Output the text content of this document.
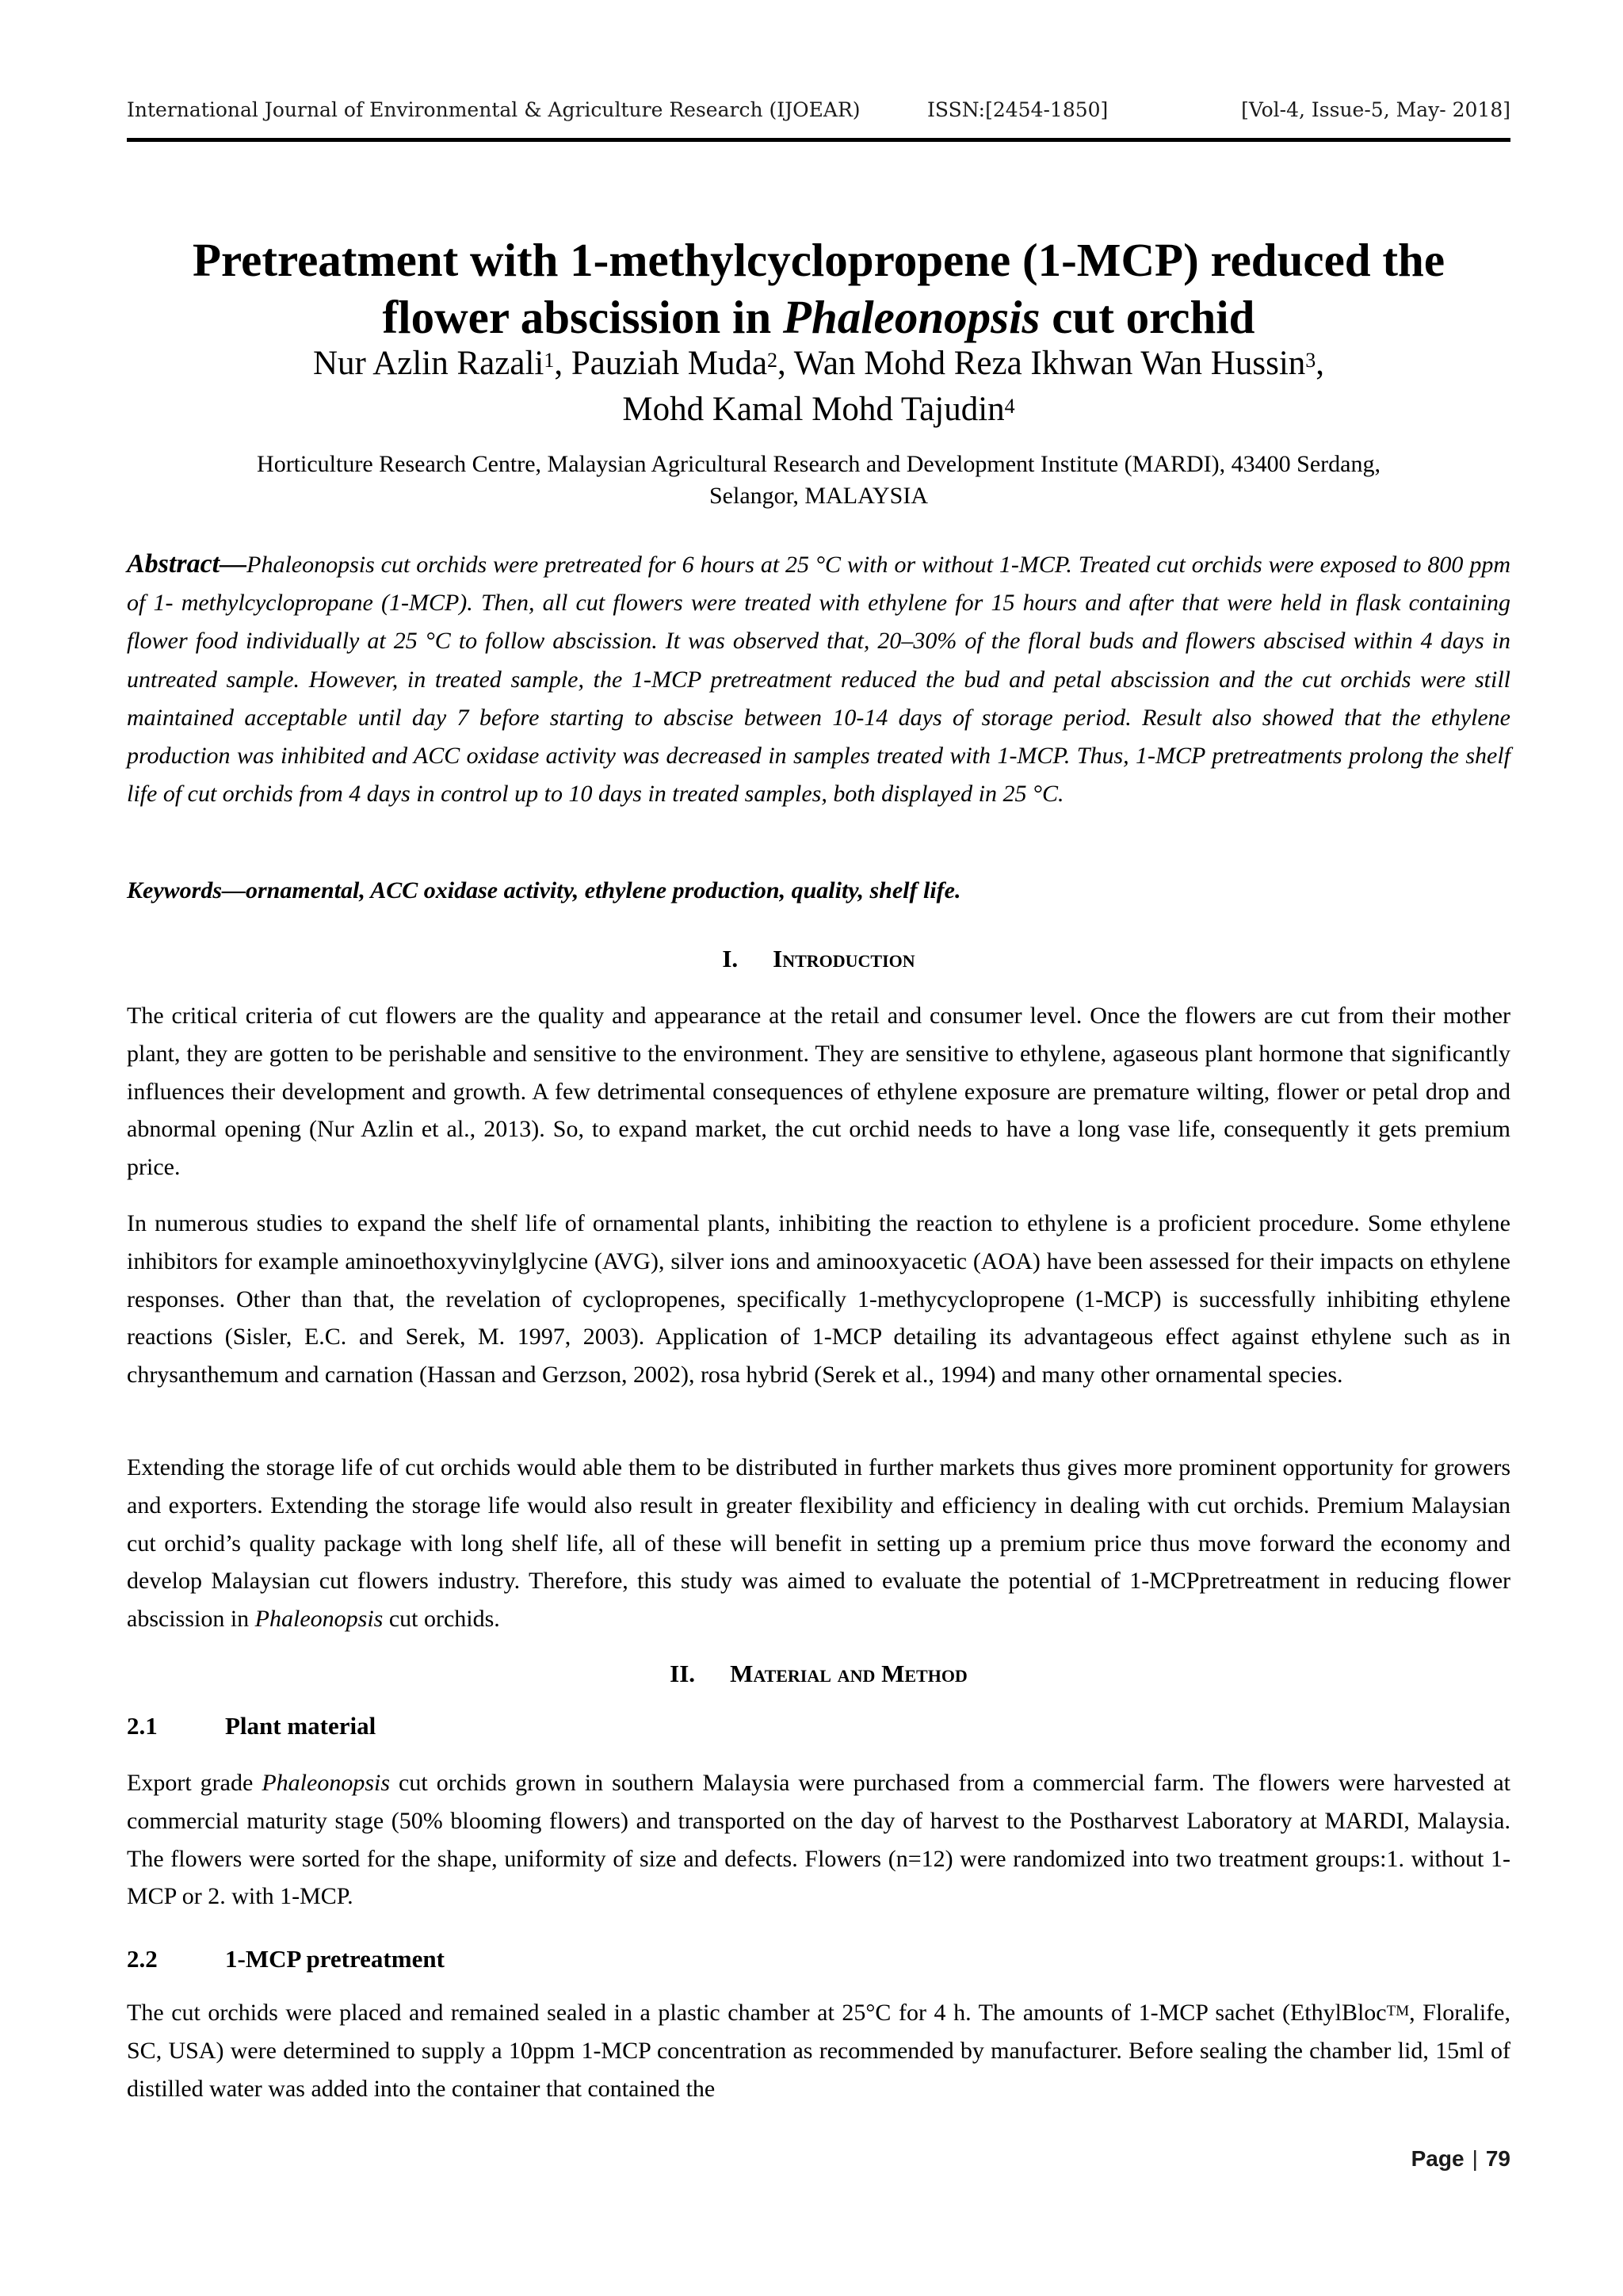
International Journal of Environmental & Agriculture Research (IJOEAR)	ISSN:[2454-1850]	[Vol-4, Issue-5, May- 2018]
Pretreatment with 1-methylcyclopropene (1-MCP) reduced the
flower abscission in Phaleonopsis cut orchid
Nur Azlin Razali$^1$, Pauziah Muda$^2$, Wan Mohd Reza Ikhwan Wan Hussin$^3$,
Mohd Kamal Mohd Tajudin$^4$
Horticulture Research Centre, Malaysian Agricultural Research and Development Institute (MARDI), 43400 Serdang,
Selangor, MALAYSIA
Abstract—Phaleonopsis cut orchids were pretreated for 6 hours at 25 °C with or without 1-MCP. Treated cut orchids were exposed to 800 ppm of 1- methylcyclopropane (1-MCP). Then, all cut flowers were treated with ethylene for 15 hours and after that were held in flask containing flower food individually at 25 °C to follow abscission. It was observed that, 20–30% of the floral buds and flowers abscised within 4 days in untreated sample. However, in treated sample, the 1-MCP pretreatment reduced the bud and petal abscission and the cut orchids were still maintained acceptable until day 7 before starting to abscise between 10-14 days of storage period. Result also showed that the ethylene production was inhibited and ACC oxidase activity was decreased in samples treated with 1-MCP. Thus, 1-MCP pretreatments prolong the shelf life of cut orchids from 4 days in control up to 10 days in treated samples, both displayed in 25 °C.
Keywords—ornamental, ACC oxidase activity, ethylene production, quality, shelf life.
I. Introduction
The critical criteria of cut flowers are the quality and appearance at the retail and consumer level. Once the flowers are cut from their mother plant, they are gotten to be perishable and sensitive to the environment. They are sensitive to ethylene, agaseous plant hormone that significantly influences their development and growth. A few detrimental consequences of ethylene exposure are premature wilting, flower or petal drop and abnormal opening (Nur Azlin et al., 2013). So, to expand market, the cut orchid needs to have a long vase life, consequently it gets premium price.
In numerous studies to expand the shelf life of ornamental plants, inhibiting the reaction to ethylene is a proficient procedure. Some ethylene inhibitors for example aminoethoxyvinylglycine (AVG), silver ions and aminooxyacetic (AOA) have been assessed for their impacts on ethylene responses. Other than that, the revelation of cyclopropenes, specifically 1-methycyclopropene (1-MCP) is successfully inhibiting ethylene reactions (Sisler, E.C. and Serek, M. 1997, 2003). Application of 1-MCP detailing its advantageous effect against ethylene such as in chrysanthemum and carnation (Hassan and Gerzson, 2002), rosa hybrid (Serek et al., 1994) and many other ornamental species.
Extending the storage life of cut orchids would able them to be distributed in further markets thus gives more prominent opportunity for growers and exporters. Extending the storage life would also result in greater flexibility and efficiency in dealing with cut orchids. Premium Malaysian cut orchid’s quality package with long shelf life, all of these will benefit in setting up a premium price thus move forward the economy and develop Malaysian cut flowers industry. Therefore, this study was aimed to evaluate the potential of 1-MCPpretreatment in reducing flower abscission in Phaleonopsis cut orchids.
II. Material and Method
2.1	Plant material
Export grade Phaleonopsis cut orchids grown in southern Malaysia were purchased from a commercial farm. The flowers were harvested at commercial maturity stage (50% blooming flowers) and transported on the day of harvest to the Postharvest Laboratory at MARDI, Malaysia. The flowers were sorted for the shape, uniformity of size and defects. Flowers (n=12) were randomized into two treatment groups:1. without 1-MCP or 2. with 1-MCP.
2.2	1-MCP pretreatment
The cut orchids were placed and remained sealed in a plastic chamber at 25°C for 4 h. The amounts of 1-MCP sachet (EthylBloc™, Floralife, SC, USA) were determined to supply a 10ppm 1-MCP concentration as recommended by manufacturer. Before sealing the chamber lid, 15ml of distilled water was added into the container that contained the
Page | 79
